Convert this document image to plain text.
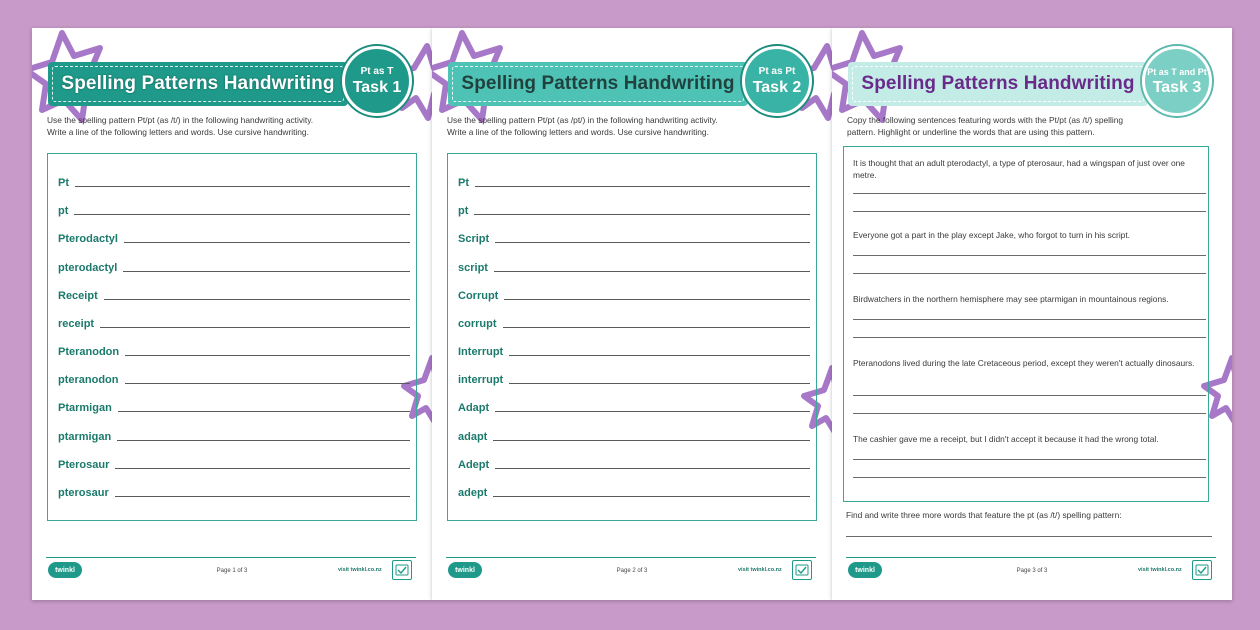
Spelling Patterns Handwriting
Pt as T
Task 1
Use the spelling pattern Pt/pt (as /t/) in the following handwriting activity.
Write a line of the following letters and words. Use cursive handwriting.
Pt
pt
Pterodactyl
pterodactyl
Receipt
receipt
Pteranodon
pteranodon
Ptarmigan
ptarmigan
Pterosaur
pterosaur
twinkl	Page 1 of 3	visit twinkl.co.nz
Spelling Patterns Handwriting
Pt as Pt
Task 2
Use the spelling pattern Pt/pt (as /pt/) in the following handwriting activity.
Write a line of the following letters and words. Use cursive handwriting.
Pt
pt
Script
script
Corrupt
corrupt
Interrupt
interrupt
Adapt
adapt
Adept
adept
twinkl	Page 2 of 3	visit twinkl.co.nz
Spelling Patterns Handwriting
Pt as T and Pt
Task 3
Copy the following sentences featuring words with the Pt/pt (as /t/) spelling
pattern. Highlight or underline the words that are using this pattern.
It is thought that an adult pterodactyl, a type of pterosaur, had a wingspan of just over one metre.
Everyone got a part in the play except Jake, who forgot to turn in his script.
Birdwatchers in the northern hemisphere may see ptarmigan in mountainous regions.
Pteranodons lived during the late Cretaceous period, except they weren't actually dinosaurs.
The cashier gave me a receipt, but I didn't accept it because it had the wrong total.
Find and write three more words that feature the pt (as /t/) spelling pattern:
twinkl	Page 3 of 3	visit twinkl.co.nz
